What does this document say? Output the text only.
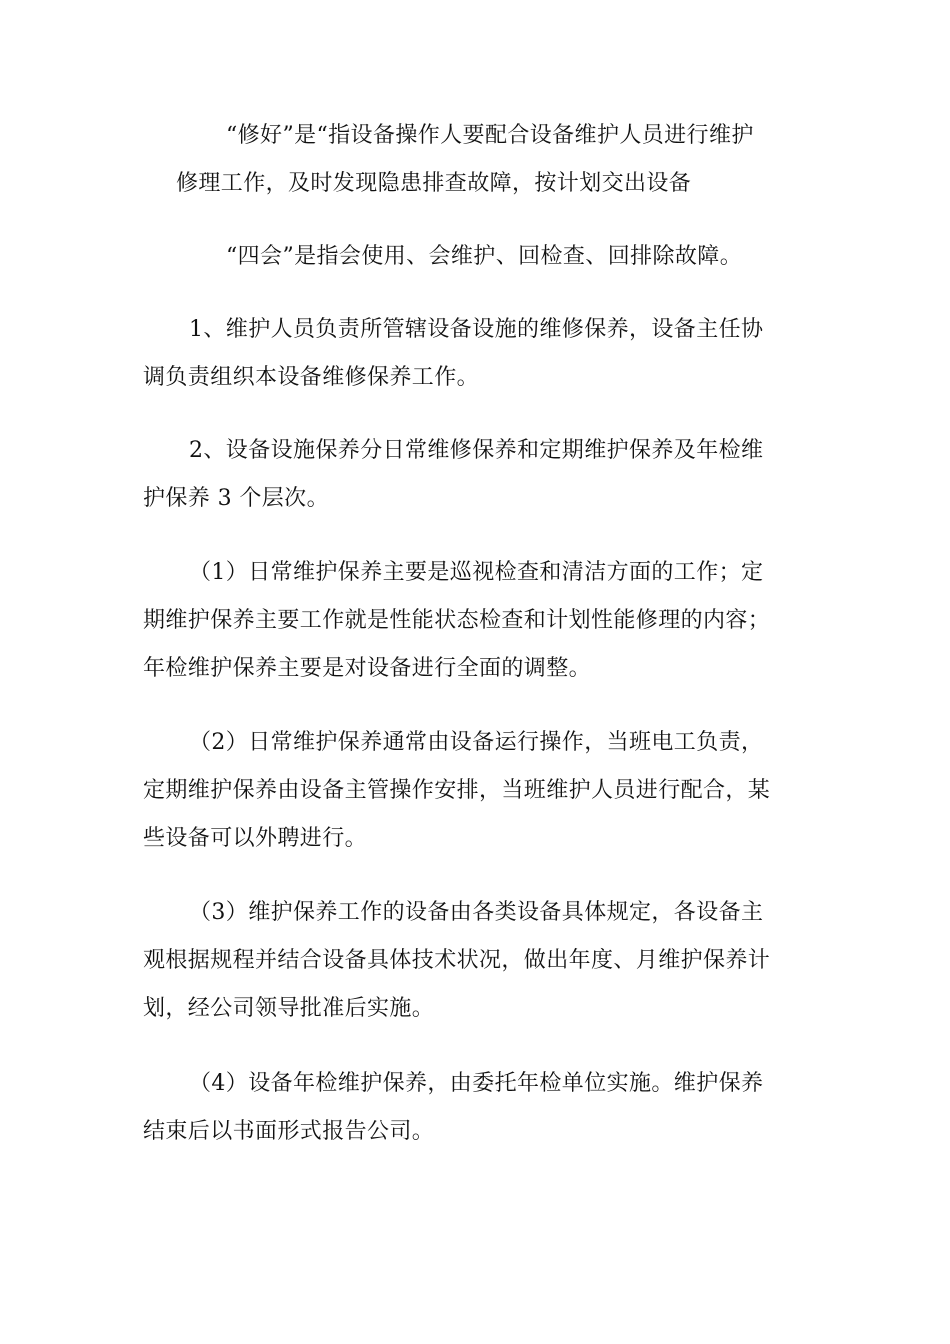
“修好”是“指设备操作人要配合设备维护人员进行维护
修理工作，及时发现隐患排查故障，按计划交出设备

“四会”是指会使用、会维护、回检查、回排除故障。

1、维护人员负责所管辖设备设施的维修保养，设备主任协
调负责组织本设备维修保养工作。

2、设备设施保养分日常维修保养和定期维护保养及年检维
护保养 3 个层次。

（1）日常维护保养主要是巡视检查和清洁方面的工作；定
期维护保养主要工作就是性能状态检查和计划性能修理的内容；
年检维护保养主要是对设备进行全面的调整。

（2）日常维护保养通常由设备运行操作，当班电工负责，
定期维护保养由设备主管操作安排，当班维护人员进行配合，某
些设备可以外聘进行。

（3）维护保养工作的设备由各类设备具体规定，各设备主
观根据规程并结合设备具体技术状况，做出年度、月维护保养计
划，经公司领导批准后实施。

（4）设备年检维护保养，由委托年检单位实施。维护保养
结束后以书面形式报告公司。
